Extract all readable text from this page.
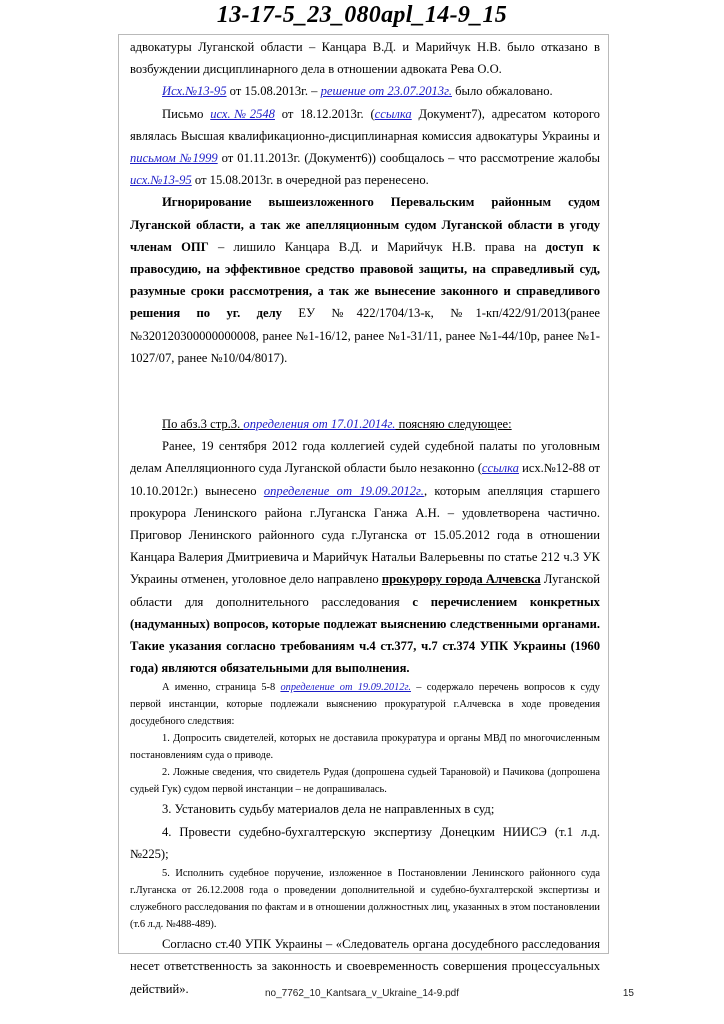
13-17-5_23_080apl_14-9_15

адвокатуры Луганской области – Канцара В.Д. и Марийчук Н.В. было отказано в возбуждении дисциплинарного дела в отношении адвоката Рева О.О.

Исх.№13-95 от 15.08.2013г. – решение от 23.07.2013г. было обжаловано.

Письмо исх.№2548 от 18.12.2013г. (ссылка Документ7), адресатом которого являлась Высшая квалификационно-дисциплинарная комиссия адвокатуры Украины и письмом №1999 от 01.11.2013г. (Документ6)) сообщалось – что рассмотрение жалобы исх.№13-95 от 15.08.2013г. в очередной раз перенесено.

Игнорирование вышеизложенного Перевальским районным судом Луганской области, а так же апелляционным судом Луганской области в угоду членам ОПГ – лишило Канцара В.Д. и Марийчук Н.В. права на доступ к правосудию, на эффективное средство правовой защиты, на справедливый суд, разумные сроки рассмотрения, а так же вынесение законного и справедливого решения по уг. делу ЕУ №422/1704/13-к, №1-кп/422/91/2013(ранее №320120300000000008, ранее №1-16/12, ранее №1-31/11, ранее №1-44/10р, ранее №1-1027/07, ранее №10/04/8017).

По абз.3 стр.3. определения от 17.01.2014г. поясняю следующее:

Ранее, 19 сентября 2012 года коллегией судей судебной палаты по уголовным делам Апелляционного суда Луганской области было незаконно (ссылка исх.№12-88 от 10.10.2012г.) вынесено определение от 19.09.2012г., которым апелляция старшего прокурора Ленинского района г.Луганска Ганжа А.Н. – удовлетворена частично. Приговор Ленинского районного суда г.Луганска от 15.05.2012 года в отношении Канцара Валерия Дмитриевича и Марийчук Натальи Валерьевны по статье 212 ч.3 УК Украины отменен, уголовное дело направлено прокурору города Алчевска Луганской области для дополнительного расследования с перечислением конкретных (надуманных) вопросов, которые подлежат выяснению следственными органами. Такие указания согласно требованиям ч.4 ст.377, ч.7 ст.374 УПК Украины (1960 года) являются обязательными для выполнения.

А именно, страница 5-8 определение от 19.09.2012г. – содержало перечень вопросов к суду первой инстанции, которые подлежали выяснению прокуратурой г.Алчевска в ходе проведения досудебного следствия:

1. Допросить свидетелей, которых не доставила прокуратура и органы МВД по многочисленным постановлениям суда о приводе.

2. Ложные сведения, что свидетель Рудая (допрошена судьей Тарановой) и Пачикова (допрошена судьей Гук) судом первой инстанции – не допрашивалась.

3. Установить судьбу материалов дела не направленных в суд;

4. Провести судебно-бухгалтерскую экспертизу Донецким НИИСЭ (т.1 л.д. №225);

5. Исполнить судебное поручение, изложенное в Постановлении Ленинского районного суда г.Луганска от 26.12.2008 года о проведении дополнительной и судебно-бухгалтерской экспертизы и служебного расследования по фактам и в отношении должностных лиц, указанных в этом постановлении (т.6 л.д. №488-489).

Согласно ст.40 УПК Украины – «Следователь органа досудебного расследования несет ответственность за законность и своевременность совершения процессуальных действий».	no_7762_10_Kantsara_v_Ukraine_14-9.pdf	15
